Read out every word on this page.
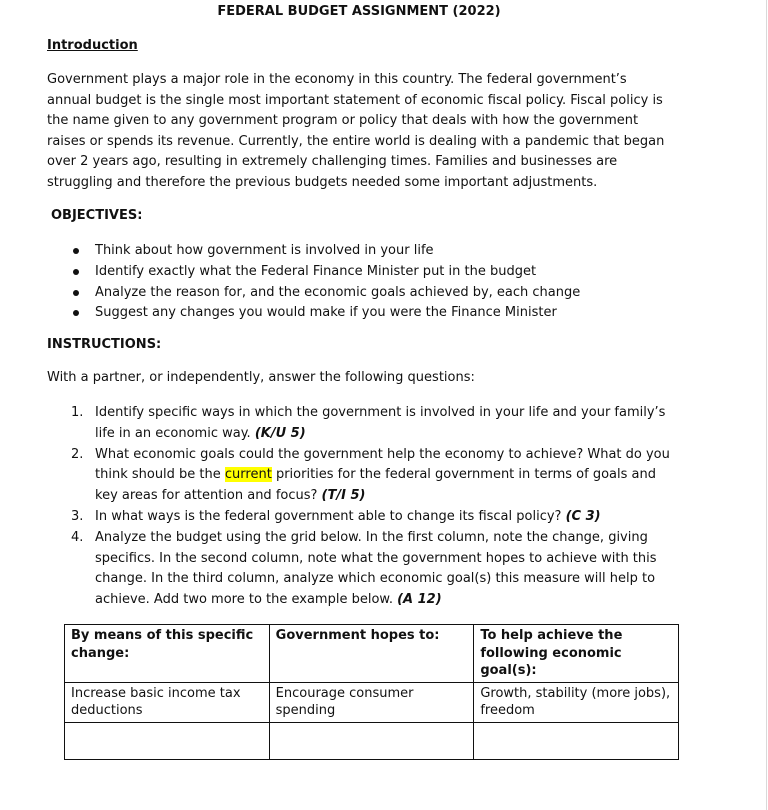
FEDERAL BUDGET ASSIGNMENT (2022)
Introduction
Government plays a major role in the economy in this country. The federal government’s annual budget is the single most important statement of economic fiscal policy. Fiscal policy is the name given to any government program or policy that deals with how the government raises or spends its revenue. Currently, the entire world is dealing with a pandemic that began over 2 years ago, resulting in extremely challenging times. Families and businesses are struggling and therefore the previous budgets needed some important adjustments.
OBJECTIVES:
Think about how government is involved in your life
Identify exactly what the Federal Finance Minister put in the budget
Analyze the reason for, and the economic goals achieved by, each change
Suggest any changes you would make if you were the Finance Minister
INSTRUCTIONS:
With a partner, or independently, answer the following questions:
1. Identify specific ways in which the government is involved in your life and your family’s life in an economic way. (K/U 5)
2. What economic goals could the government help the economy to achieve? What do you think should be the current priorities for the federal government in terms of goals and key areas for attention and focus? (T/I 5)
3. In what ways is the federal government able to change its fiscal policy? (C 3)
4. Analyze the budget using the grid below. In the first column, note the change, giving specifics. In the second column, note what the government hopes to achieve with this change. In the third column, analyze which economic goal(s) this measure will help to achieve. Add two more to the example below. (A 12)
By means of this specific change:	Government hopes to:	To help achieve the following economic goal(s):
Increase basic income tax deductions	Encourage consumer spending	Growth, stability (more jobs), freedom
